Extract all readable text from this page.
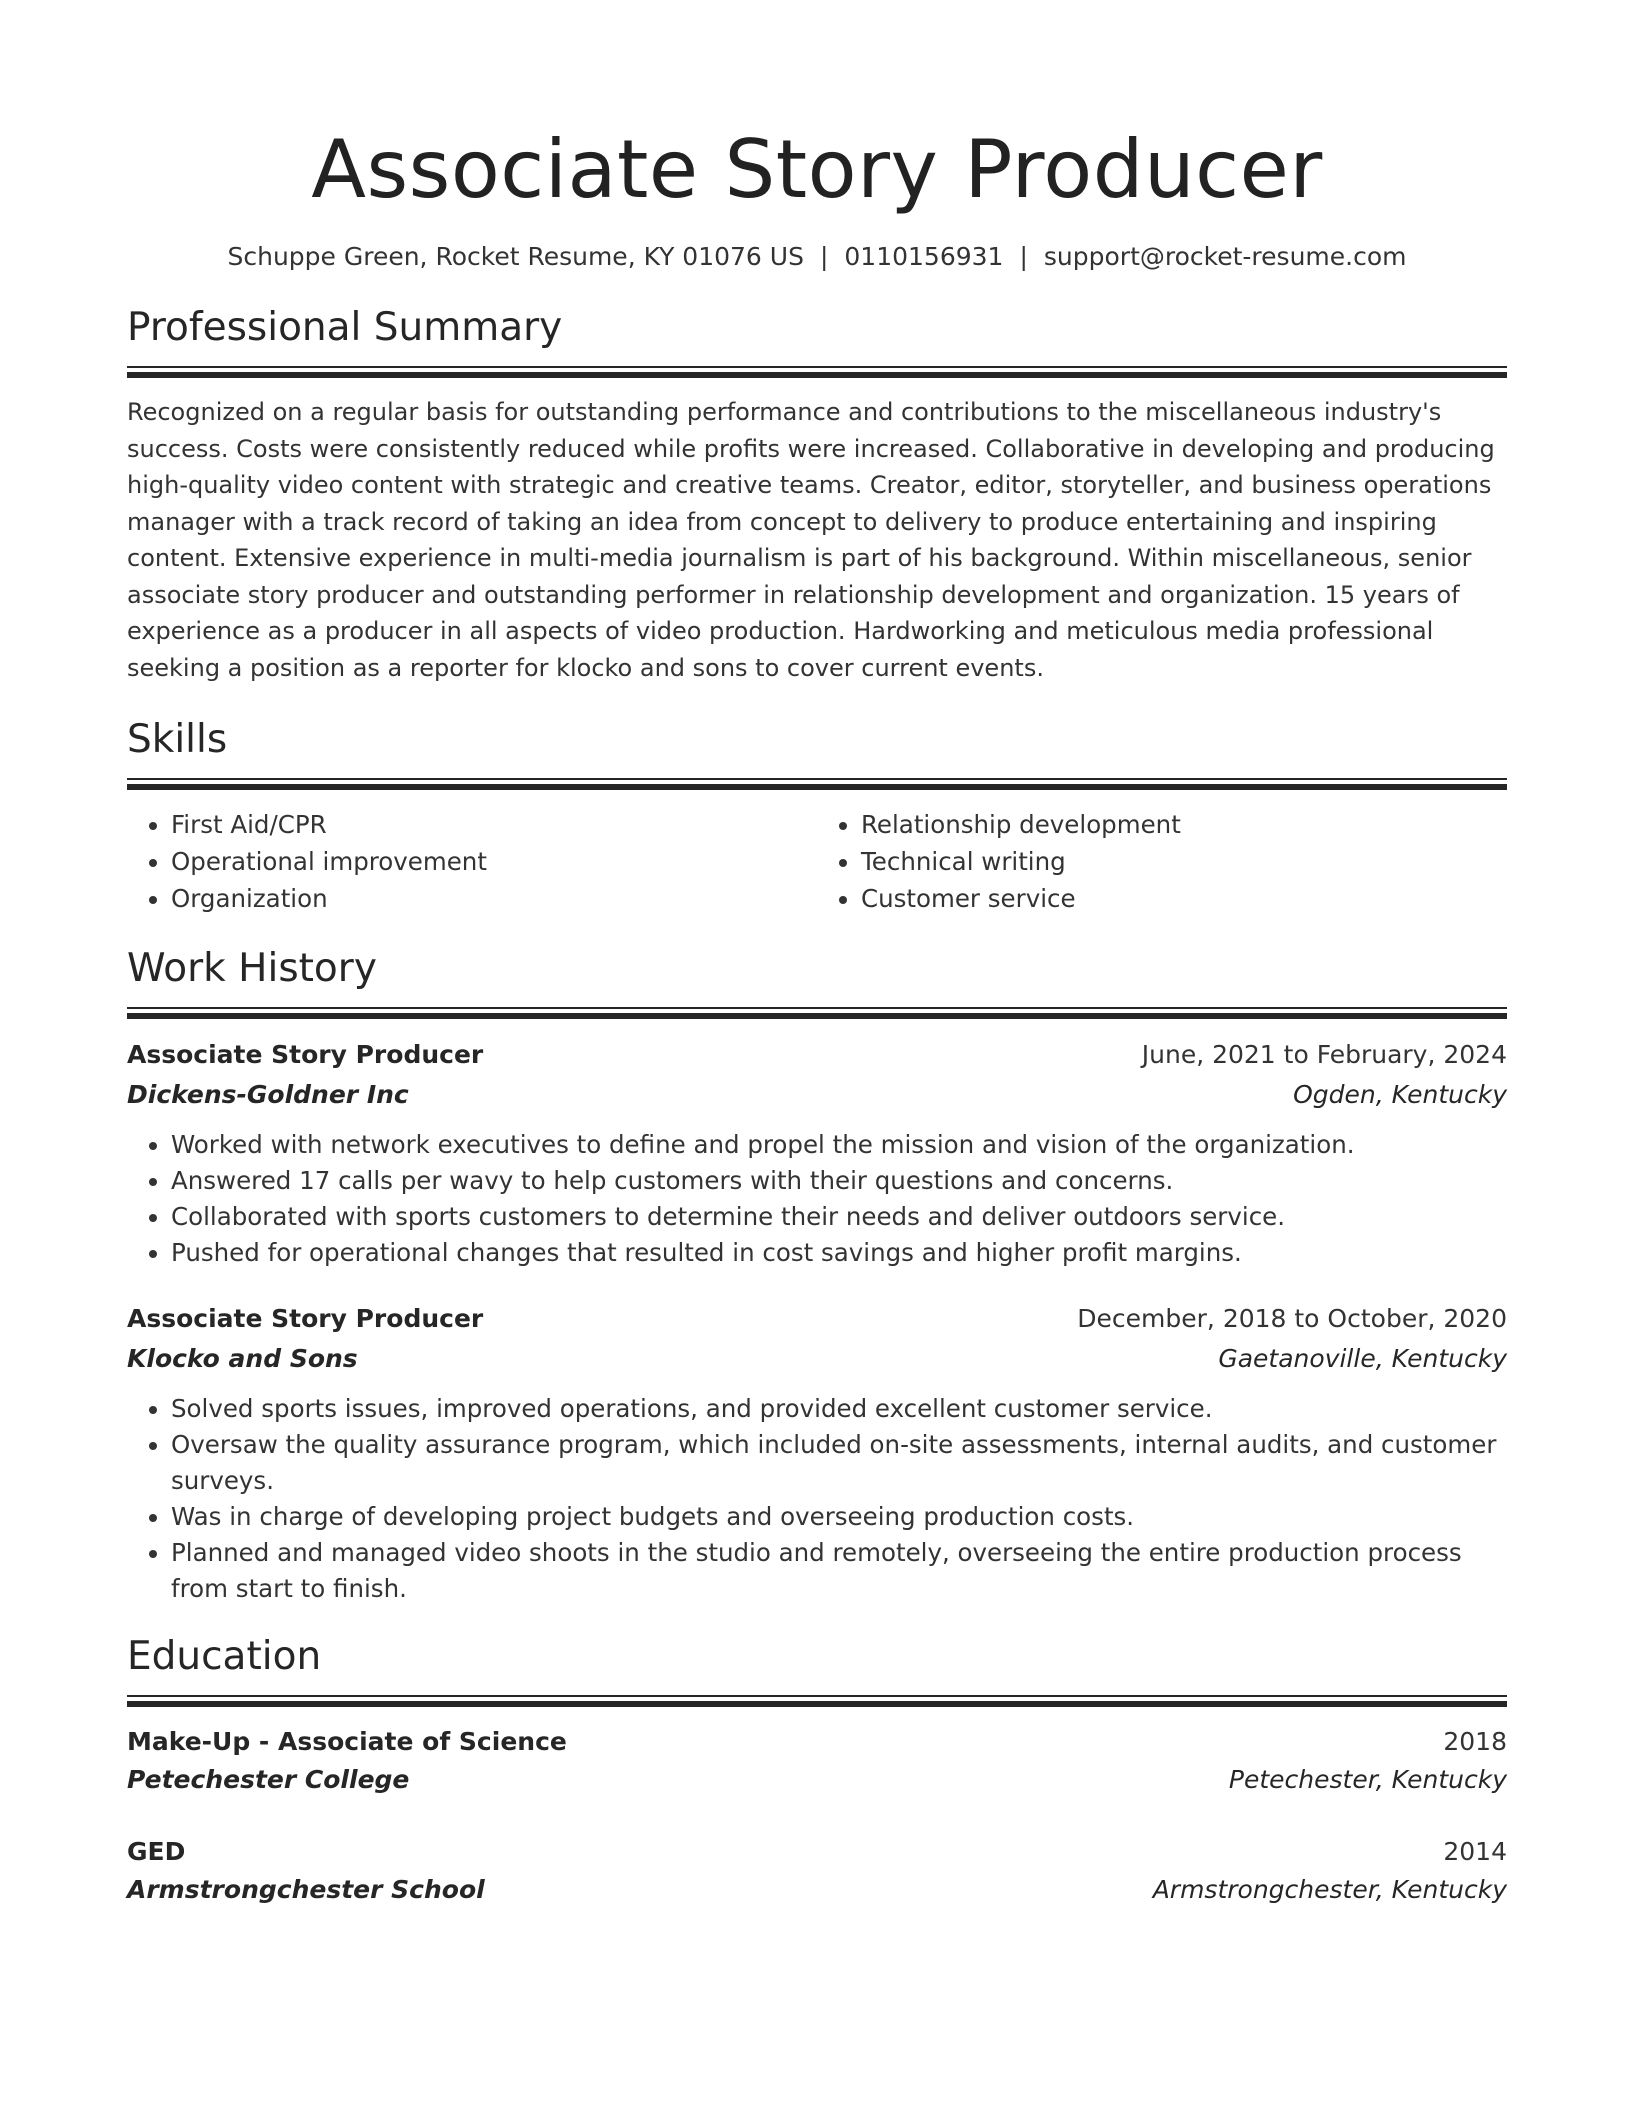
Associate Story Producer
Schuppe Green, Rocket Resume, KY 01076 US | 0110156931 | support@rocket-resume.com
Professional Summary

Recognized on a regular basis for outstanding performance and contributions to the miscellaneous industry's success. Costs were consistently reduced while profits were increased. Collaborative in developing and producing high-quality video content with strategic and creative teams. Creator, editor, storyteller, and business operations manager with a track record of taking an idea from concept to delivery to produce entertaining and inspiring content. Extensive experience in multi-media journalism is part of his background. Within miscellaneous, senior associate story producer and outstanding performer in relationship development and organization. 15 years of experience as a producer in all aspects of video production. Hardworking and meticulous media professional seeking a position as a reporter for klocko and sons to cover current events.

Skills
• First Aid/CPR
• Operational improvement
• Organization
• Relationship development
• Technical writing
• Customer service
Work History
Associate Story Producer	June, 2021 to February, 2024
Dickens-Goldner Inc	Ogden, Kentucky
• Worked with network executives to define and propel the mission and vision of the organization.
• Answered 17 calls per wavy to help customers with their questions and concerns.
• Collaborated with sports customers to determine their needs and deliver outdoors service.
• Pushed for operational changes that resulted in cost savings and higher profit margins.
Associate Story Producer	December, 2018 to October, 2020
Klocko and Sons	Gaetanoville, Kentucky
• Solved sports issues, improved operations, and provided excellent customer service.
• Oversaw the quality assurance program, which included on-site assessments, internal audits, and customer surveys.
• Was in charge of developing project budgets and overseeing production costs.
• Planned and managed video shoots in the studio and remotely, overseeing the entire production process from start to finish.
Education
Make-Up - Associate of Science	2018
Petechester College	Petechester, Kentucky
GED	2014
Armstrongchester School	Armstrongchester, Kentucky
